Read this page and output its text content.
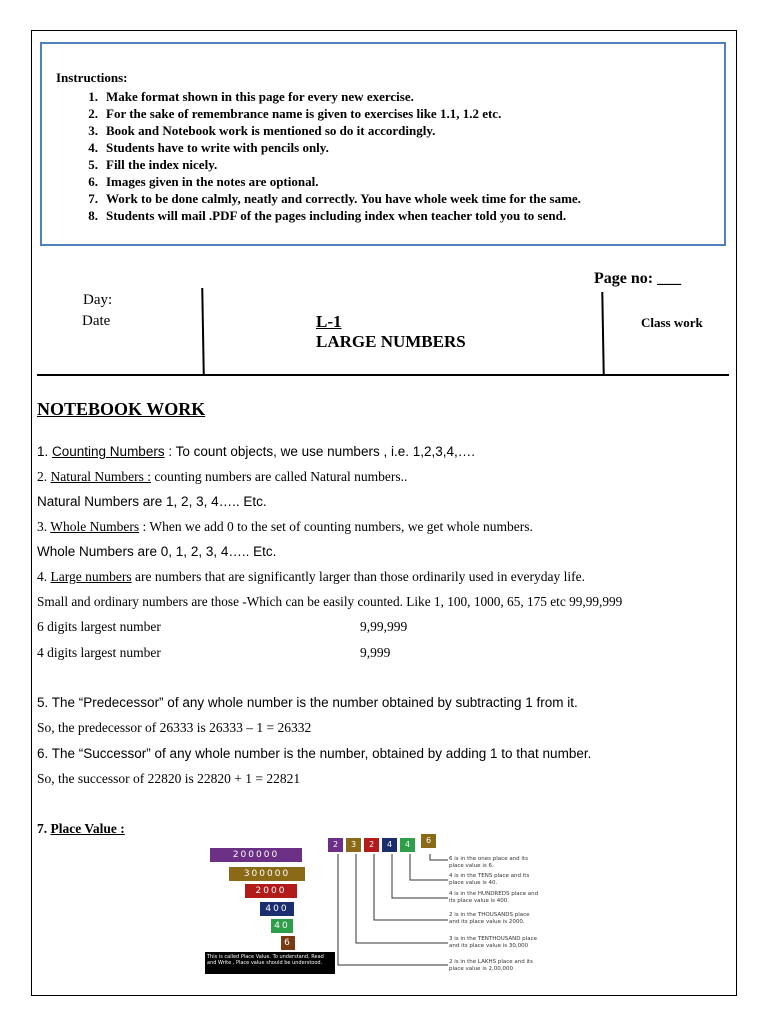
Instructions:
1. Make format shown in this page for every new exercise.
2. For the sake of remembrance name is given to exercises like 1.1, 1.2 etc.
3. Book and Notebook work is mentioned so do it accordingly.
4. Students have to write with pencils only.
5. Fill the index nicely.
6. Images given in the notes are optional.
7. Work to be done calmly, neatly and correctly. You have whole week time for the same.
8. Students will mail .PDF of the pages including index when teacher told you to send.
Page no: ___
Day:
Date	L-1
LARGE NUMBERS
Class work
NOTEBOOK WORK
1. Counting Numbers : To count objects, we use numbers , i.e. 1,2,3,4,….
2. Natural Numbers : counting numbers are called Natural numbers..
Natural Numbers are 1, 2, 3, 4….. Etc.
3. Whole Numbers : When we add 0 to the set of counting numbers, we get whole numbers.
Whole Numbers are 0, 1, 2, 3, 4….. Etc.
4. Large numbers are numbers that are significantly larger than those ordinarily used in everyday life.
Small and ordinary numbers are those -Which can be easily counted. Like 1, 100, 1000, 65, 175 etc 99,99,999
6 digits largest number	9,99,999
4 digits largest number	9,999
5. The “Predecessor” of any whole number is the number obtained by subtracting 1 from it.
So, the predecessor of 26333 is 26333 – 1 = 26332
6. The “Successor” of any whole number is the number, obtained by adding 1 to that number.
So, the successor of 22820 is 22820 + 1 = 22821
7. Place Value :
200000
300000
2000
400
40
6
This is called Place Value. To understand, Read and Write , Place value should be understood.
2	3	2	4	4	6
6 is in the ones place and its place value is 6.
4 is in the TENS place and its place value is 40.
4 is in the HUNDREDS place and its place value is 400.
2 is in the THOUSANDS place and its place value is 2000.
3 is in the TENTHOUSAND place and its place value is 30,000
2 is in the LAKHS place and its place value is 2,00,000
